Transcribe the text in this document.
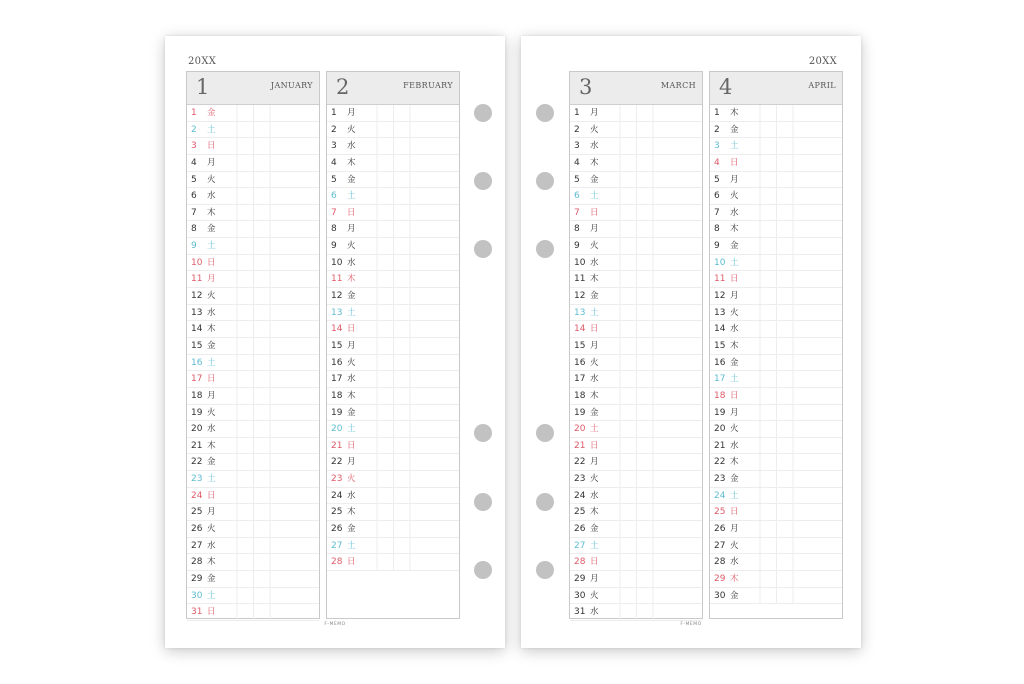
20XX
1	JANUARY
1	金
2	土
3	日
4	月
5	火
6	水
7	木
8	金
9	土
10 日
11 月
12 火
13 水
14 木
15 金
16 土
17 日
18 月
19 火
20 水
21 木
22 金
23 土
24 日
25 月
26 火
27 水
28 木
29 金
30 土
31 日
2	FEBRUARY
1	月
2	火
3	水
4	木
5	金
6	土
7	日
8	月
9	火
10 水
11 木
12 金
13 土
14 日
15 月
16 火
17 水
18 木
19 金
20 土
21 日
22 月
23 火
24 水
25 木
26 金
27 土
28 日
F-MEMO
20XX
3	MARCH
1	月
2	火
3	水
4	木
5	金
6	土
7	日
8	月
9	火
10 水
11 木
12 金
13 土
14 日
15 月
16 火
17 水
18 木
19 金
20 土
21 日
22 月
23 火
24 水
25 木
26 金
27 土
28 日
29 月
30 火
31 水
4	APRIL
1	木
2	金
3	土
4	日
5	月
6	火
7	水
8	木
9	金
10 土
11 日
12 月
13 火
14 水
15 木
16 金
17 土
18 日
19 月
20 火
21 水
22 木
23 金
24 土
25 日
26 月
27 火
28 水
29 木
30 金
F-MEMO
